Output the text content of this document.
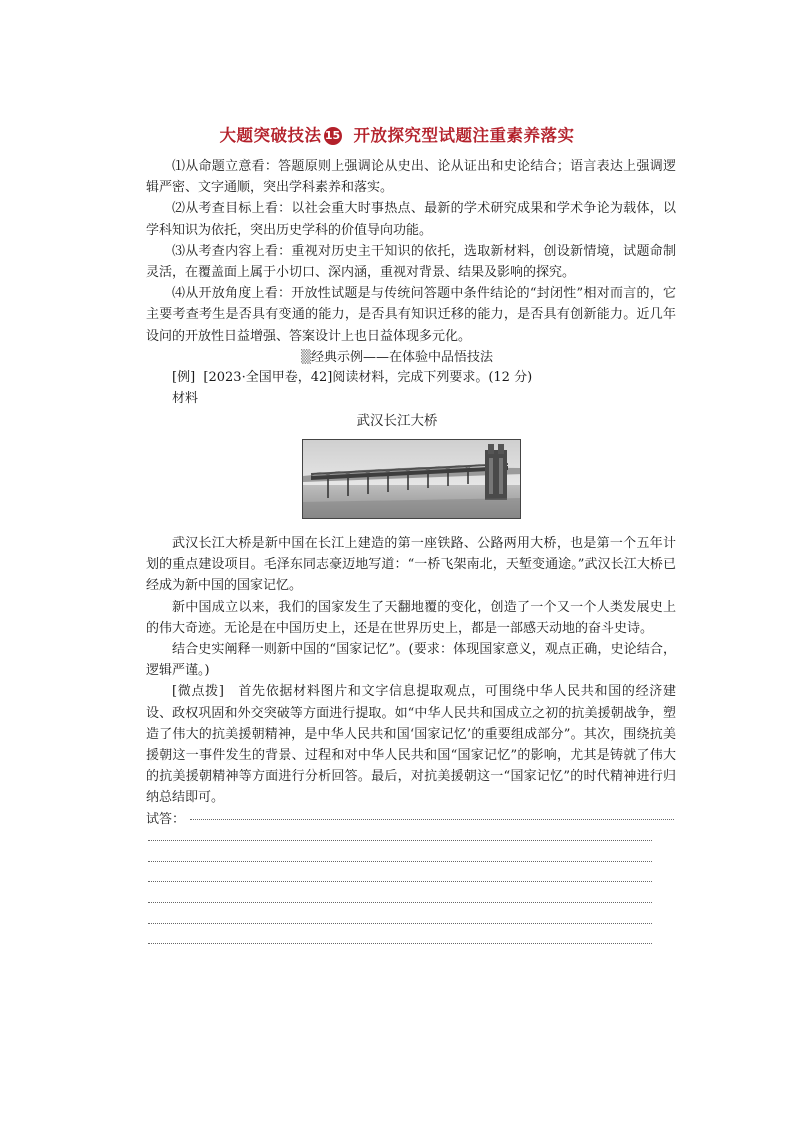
大题突破技法 15 开放探究型试题注重素养落实

⑴从命题立意看：答题原则上强调论从史出、论从证出和史论结合；语言表达上强调逻辑严密、文字通顺，突出学科素养和落实。

⑵从考查目标上看：以社会重大时事热点、最新的学术研究成果和学术争论为载体，以学科知识为依托，突出历史学科的价值导向功能。

⑶从考查内容上看：重视对历史主干知识的依托，选取新材料，创设新情境，试题命制灵活，在覆盖面上属于小切口、深内涵，重视对背景、结果及影响的探究。

⑷从开放角度上看：开放性试题是与传统问答题中条件结论的“封闭性”相对而言的，它主要考查考生是否具有变通的能力，是否具有知识迁移的能力，是否具有创新能力。近几年设问的开放性日益增强、答案设计上也日益体现多元化。

▒经典示例——在体验中品悟技法

[例] [2023·全国甲卷，42]阅读材料，完成下列要求。(12 分)

材料

武汉长江大桥

武汉长江大桥是新中国在长江上建造的第一座铁路、公路两用大桥，也是第一个五年计划的重点建设项目。毛泽东同志豪迈地写道：“一桥飞架南北，天堑变通途。”武汉长江大桥已经成为新中国的国家记忆。

新中国成立以来，我们的国家发生了天翻地覆的变化，创造了一个又一个人类发展史上的伟大奇迹。无论是在中国历史上，还是在世界历史上，都是一部感天动地的奋斗史诗。

结合史实阐释一则新中国的“国家记忆”。(要求：体现国家意义，观点正确，史论结合，逻辑严谨。)

[微点拨]　首先依据材料图片和文字信息提取观点，可围绕中华人民共和国的经济建设、政权巩固和外交突破等方面进行提取。如“中华人民共和国成立之初的抗美援朝战争，塑造了伟大的抗美援朝精神，是中华人民共和国‘国家记忆’的重要组成部分”。其次，围绕抗美援朝这一事件发生的背景、过程和对中华人民共和国“国家记忆”的影响，尤其是铸就了伟大的抗美援朝精神等方面进行分析回答。最后，对抗美援朝这一“国家记忆”的时代精神进行归纳总结即可。

试答：
